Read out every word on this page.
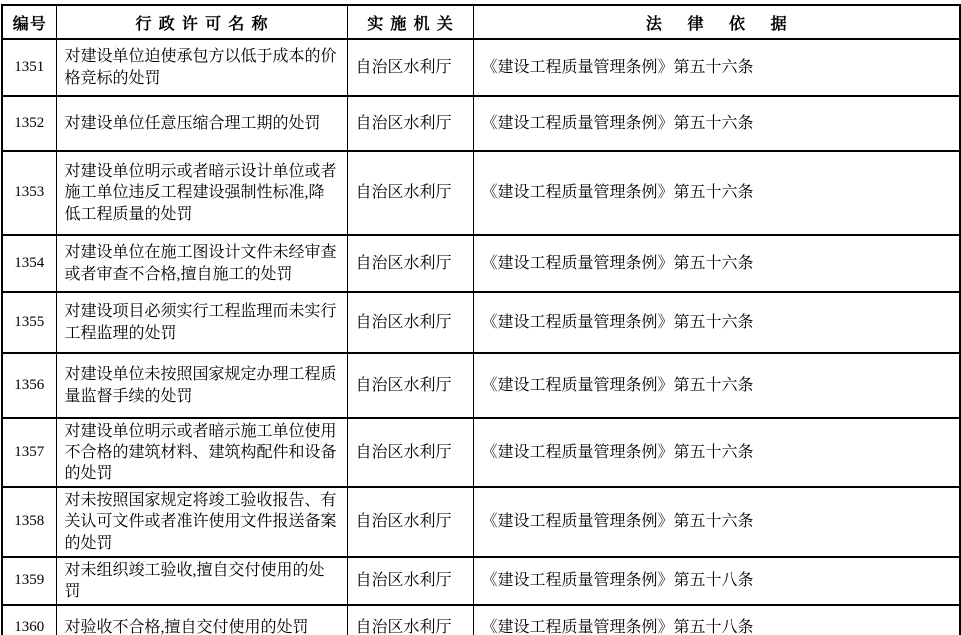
编号	行政许可名称	实施机关	法律依据
1351	对建设单位迫使承包方以低于成本的价格竞标的处罚	自治区水利厅	《建设工程质量管理条例》第五十六条
1352	对建设单位任意压缩合理工期的处罚	自治区水利厅	《建设工程质量管理条例》第五十六条
1353	对建设单位明示或者暗示设计单位或者施工单位违反工程建设强制性标准,降低工程质量的处罚	自治区水利厅	《建设工程质量管理条例》第五十六条
1354	对建设单位在施工图设计文件未经审查或者审查不合格,擅自施工的处罚	自治区水利厅	《建设工程质量管理条例》第五十六条
1355	对建设项目必须实行工程监理而未实行工程监理的处罚	自治区水利厅	《建设工程质量管理条例》第五十六条
1356	对建设单位未按照国家规定办理工程质量监督手续的处罚	自治区水利厅	《建设工程质量管理条例》第五十六条
1357	对建设单位明示或者暗示施工单位使用不合格的建筑材料、建筑构配件和设备的处罚	自治区水利厅	《建设工程质量管理条例》第五十六条
1358	对未按照国家规定将竣工验收报告、有关认可文件或者准许使用文件报送备案的处罚	自治区水利厅	《建设工程质量管理条例》第五十六条
1359	对未组织竣工验收,擅自交付使用的处罚	自治区水利厅	《建设工程质量管理条例》第五十八条
1360	对验收不合格,擅自交付使用的处罚	自治区水利厅	《建设工程质量管理条例》第五十八条
